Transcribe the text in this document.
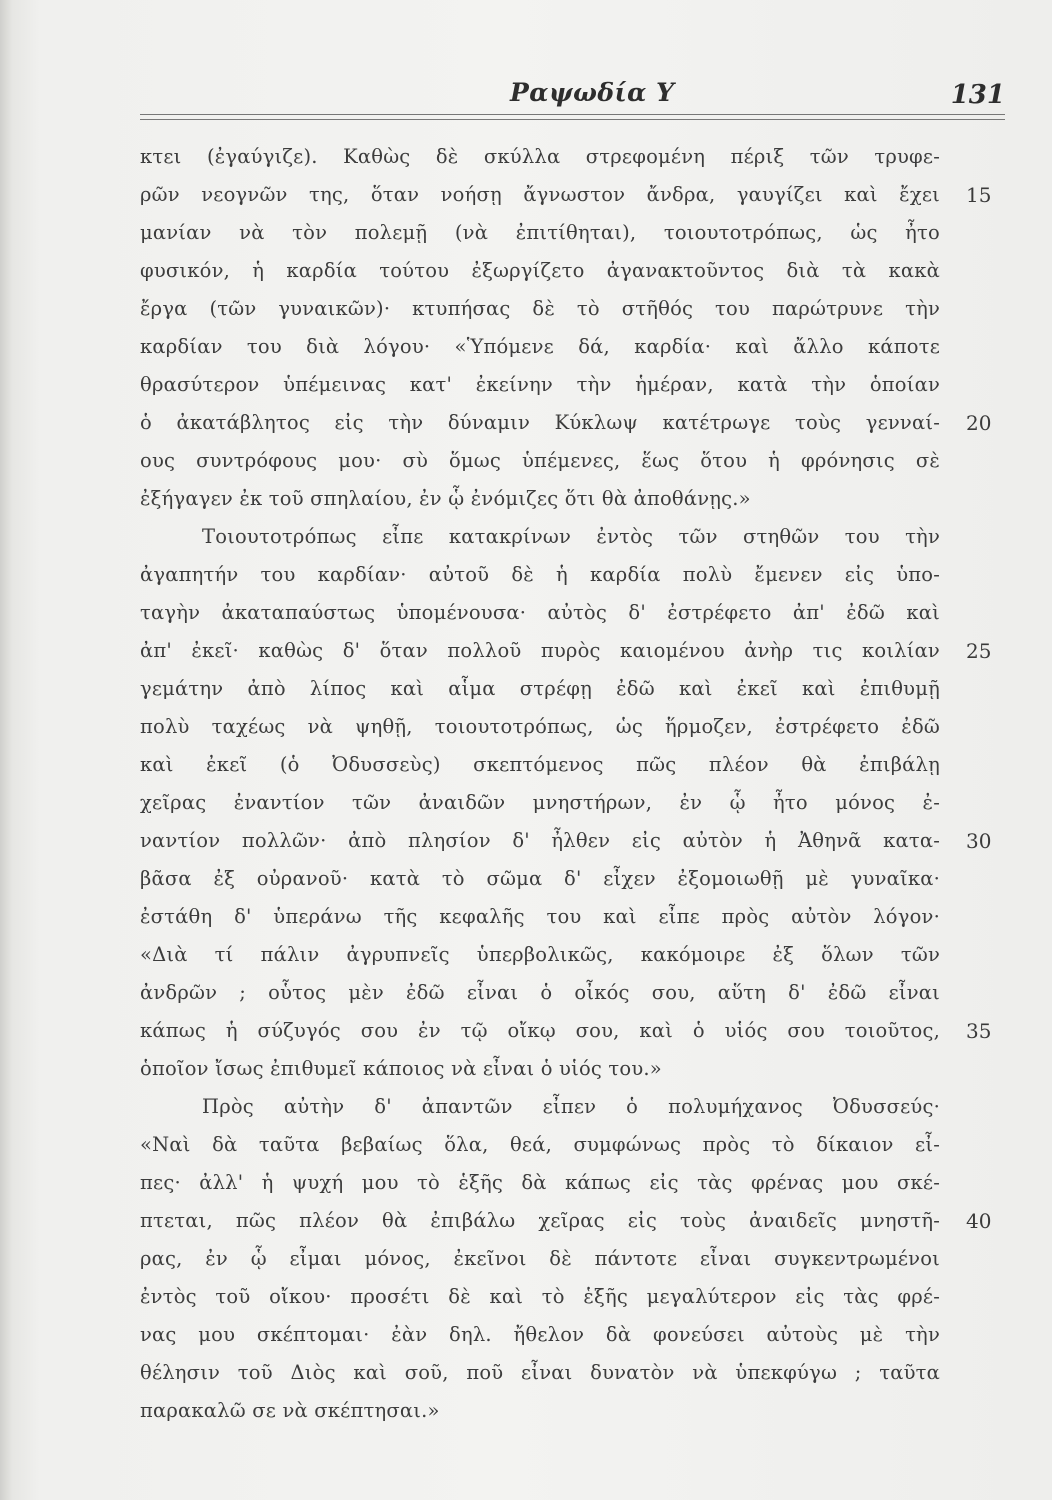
Ραψωδία Υ	131
κτει (ἐγαύγιζε). Καθὼς δὲ σκύλλα στρεφομένη πέριξ τῶν τρυφε-
ρῶν νεογνῶν της, ὅταν νοήσῃ ἄγνωστον ἄνδρα, γαυγίζει καὶ ἔχει
μανίαν νὰ τὸν πολεμῇ (νὰ ἐπιτίθηται), τοιουτοτρόπως, ὡς ἦτο
φυσικόν, ἡ καρδία τούτου ἐξωργίζετο ἀγανακτοῦντος διὰ τὰ κακὰ
ἔργα (τῶν γυναικῶν)· κτυπήσας δὲ τὸ στῆθός του παρώτρυνε τὴν
καρδίαν του διὰ λόγου· «Ὑπόμενε δά, καρδία· καὶ ἄλλο κάποτε
θρασύτερον ὑπέμεινας κατ' ἐκείνην τὴν ἡμέραν, κατὰ τὴν ὁποίαν
ὁ ἀκατάβλητος εἰς τὴν δύναμιν Κύκλωψ κατέτρωγε τοὺς γενναί-
ους συντρόφους μου· σὺ ὅμως ὑπέμενες, ἕως ὅτου ἡ φρόνησις σὲ
ἐξήγαγεν ἐκ τοῦ σπηλαίου, ἐν ᾧ ἐνόμιζες ὅτι θὰ ἀποθάνῃς.»
Τοιουτοτρόπως εἶπε κατακρίνων ἐντὸς τῶν στηθῶν του τὴν
ἀγαπητήν του καρδίαν· αὐτοῦ δὲ ἡ καρδία πολὺ ἔμενεν εἰς ὑπο-
ταγὴν ἀκαταπαύστως ὑπομένουσα· αὐτὸς δ' ἐστρέφετο ἀπ' ἐδῶ καὶ
ἀπ' ἐκεῖ· καθὼς δ' ὅταν πολλοῦ πυρὸς καιομένου ἀνὴρ τις κοιλίαν
γεμάτην ἀπὸ λίπος καὶ αἷμα στρέφῃ ἐδῶ καὶ ἐκεῖ καὶ ἐπιθυμῇ
πολὺ ταχέως νὰ ψηθῇ, τοιουτοτρόπως, ὡς ἥρμοζεν, ἐστρέφετο ἐδῶ
καὶ ἐκεῖ (ὁ Ὀδυσσεὺς) σκεπτόμενος πῶς πλέον θὰ ἐπιβάλῃ
χεῖρας ἐναντίον τῶν ἀναιδῶν μνηστήρων, ἐν ᾧ ἦτο μόνος ἐ-
ναντίον πολλῶν· ἀπὸ πλησίον δ' ἦλθεν εἰς αὐτὸν ἡ Ἀθηνᾶ κατα-
βᾶσα ἐξ οὐρανοῦ· κατὰ τὸ σῶμα δ' εἶχεν ἐξομοιωθῇ μὲ γυναῖκα·
ἐστάθη δ' ὑπεράνω τῆς κεφαλῆς του καὶ εἶπε πρὸς αὐτὸν λόγον·
«Διὰ τί πάλιν ἀγρυπνεῖς ὑπερβολικῶς, κακόμοιρε ἐξ ὅλων τῶν
ἀνδρῶν ; οὗτος μὲν ἐδῶ εἶναι ὁ οἶκός σου, αὕτη δ' ἐδῶ εἶναι
κάπως ἡ σύζυγός σου ἐν τῷ οἴκῳ σου, καὶ ὁ υἱός σου τοιοῦτος,
ὁποῖον ἴσως ἐπιθυμεῖ κάποιος νὰ εἶναι ὁ υἱός του.»
Πρὸς αὐτὴν δ' ἀπαντῶν εἶπεν ὁ πολυμήχανος Ὀδυσσεύς·
«Ναὶ δὰ ταῦτα βεβαίως ὅλα, θεά, συμφώνως πρὸς τὸ δίκαιον εἶ-
πες· ἀλλ' ἡ ψυχή μου τὸ ἑξῆς δὰ κάπως εἰς τὰς φρένας μου σκέ-
πτεται, πῶς πλέον θὰ ἐπιβάλω χεῖρας εἰς τοὺς ἀναιδεῖς μνηστῆ-
ρας, ἐν ᾧ εἶμαι μόνος, ἐκεῖνοι δὲ πάντοτε εἶναι συγκεντρωμένοι
ἐντὸς τοῦ οἴκου· προσέτι δὲ καὶ τὸ ἑξῆς μεγαλύτερον εἰς τὰς φρέ-
νας μου σκέπτομαι· ἐὰν δηλ. ἤθελον δὰ φονεύσει αὐτοὺς μὲ τὴν
θέλησιν τοῦ Διὸς καὶ σοῦ, ποῦ εἶναι δυνατὸν νὰ ὑπεκφύγω ; ταῦτα
παρακαλῶ σε νὰ σκέπτησαι.»
15
20
25
30
35
40
